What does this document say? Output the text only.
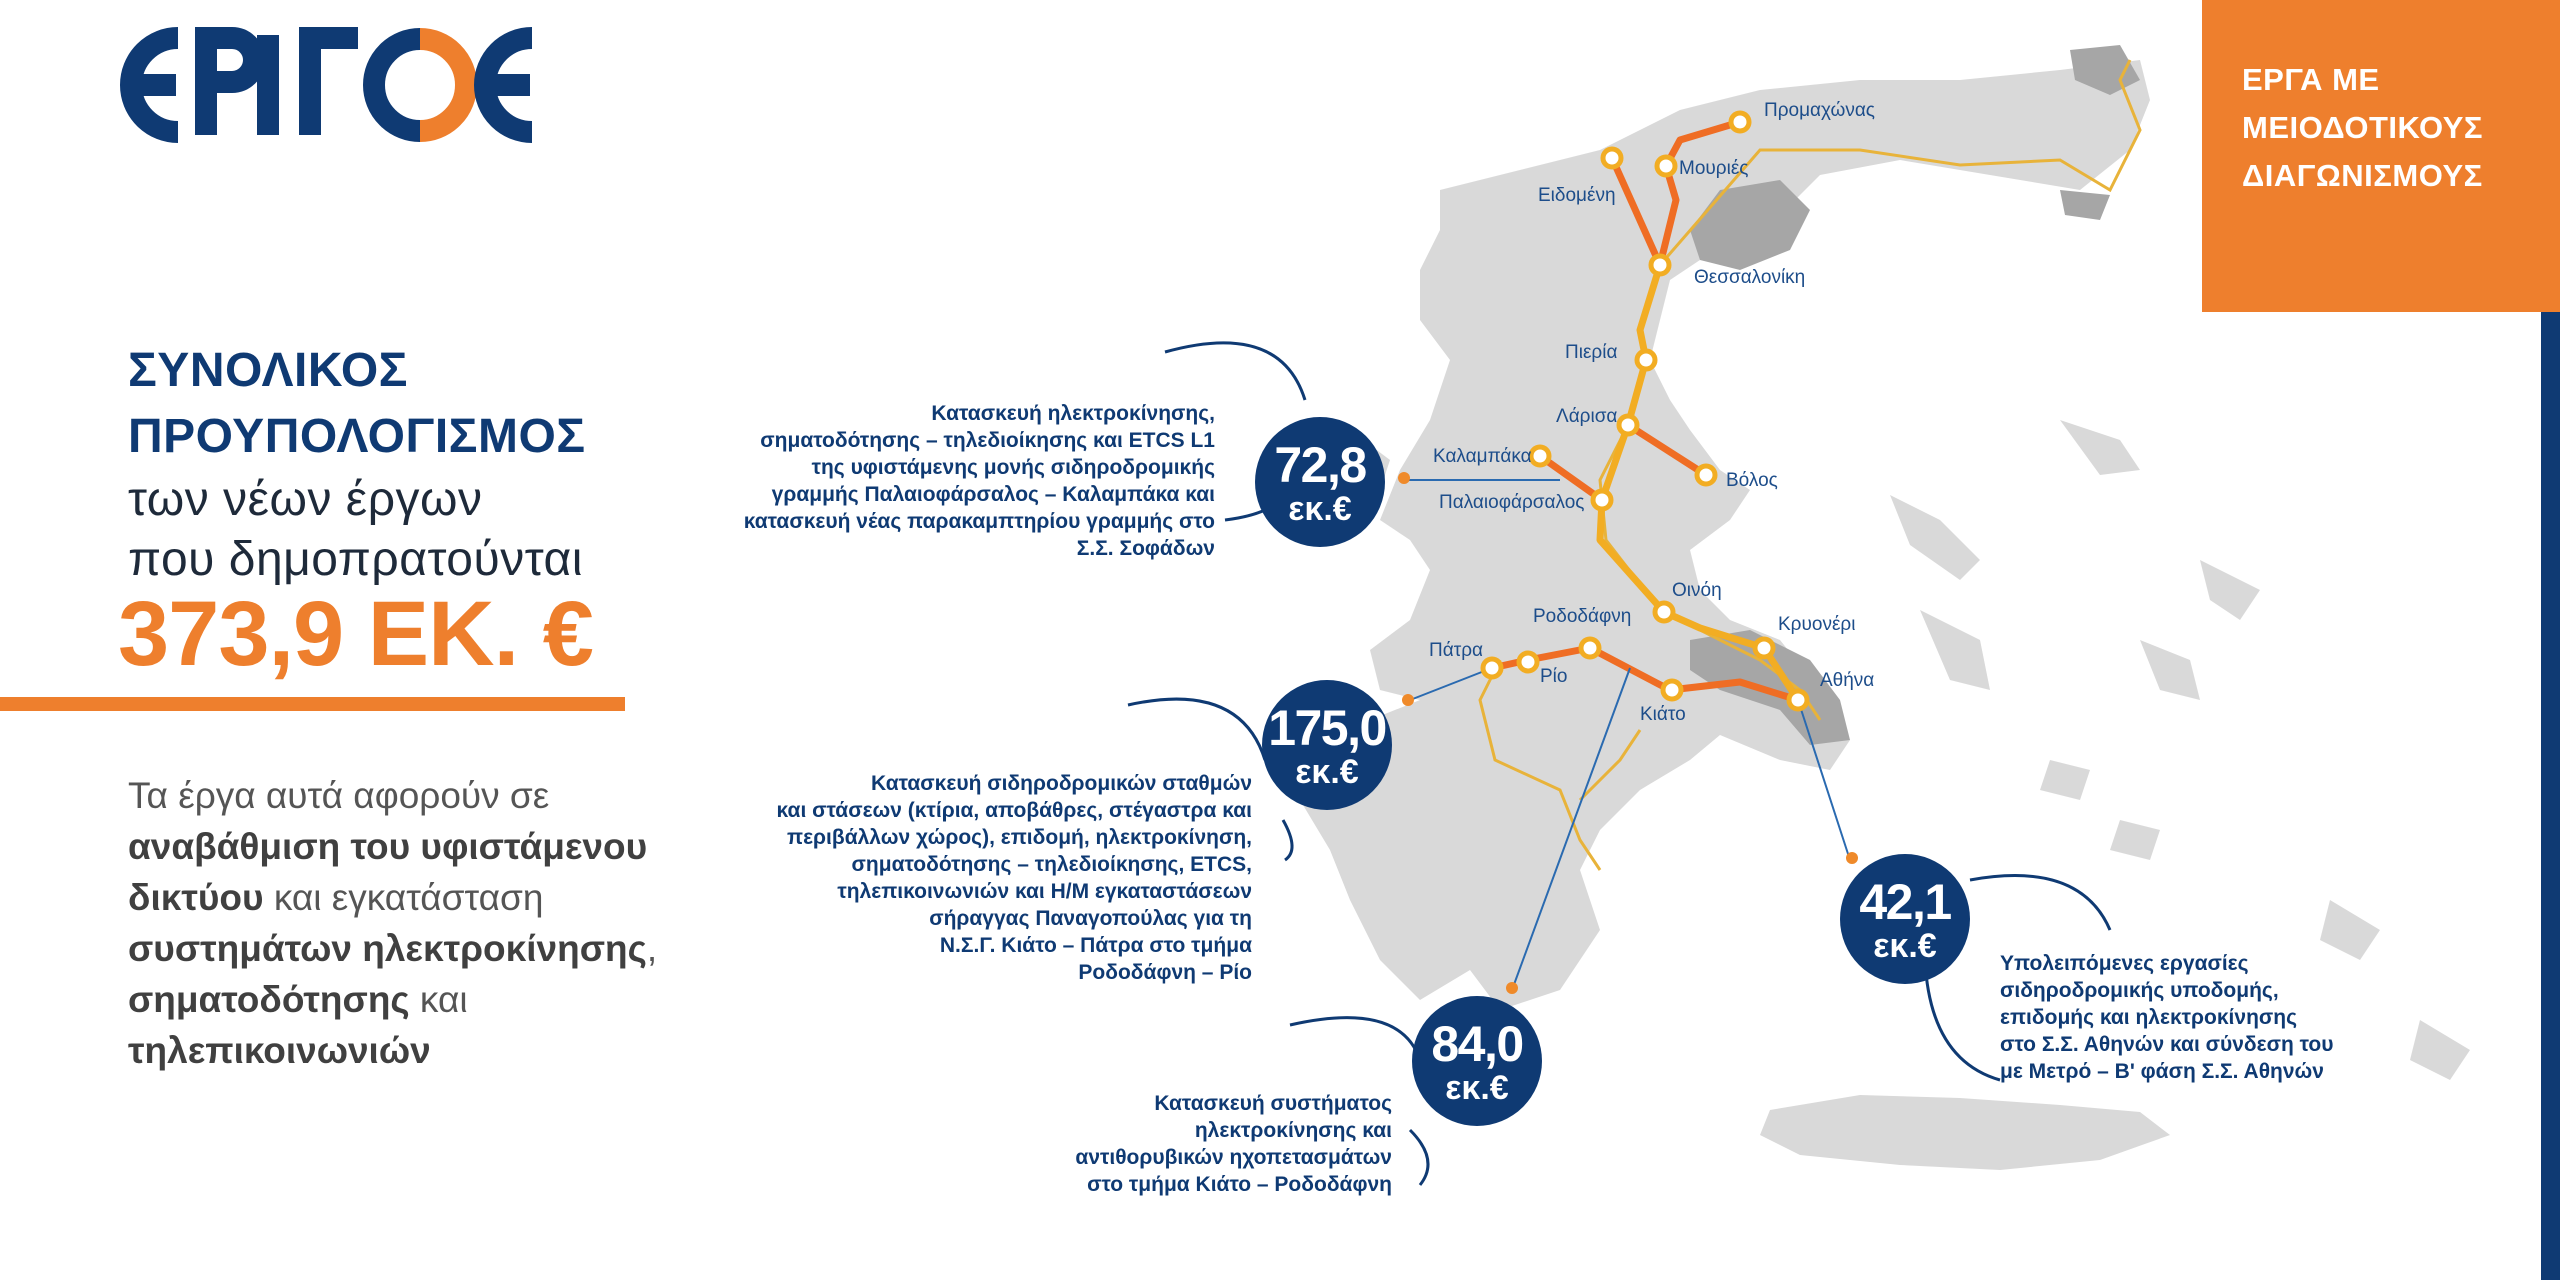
Προμαχώνας
Μουριές
Ειδομένη
Θεσσαλονίκη
Πιερία
Λάρισα
Καλαμπάκα
Βόλος
Παλαιοφάρσαλος
Οινόη
Ροδοδάφνη	Κρυονέρι
Πάτρα
Ρίο	Αθήνα
Κιάτο
ΣΥΝΟΛΙΚΟΣ
ΠΡΟΥΠΟΛΟΓΙΣΜΟΣ
των νέων έργων
που δημοπρατούνται
373,9 ΕΚ. €
Τα έργα αυτά αφορούν σε αναβάθμιση του υφιστάμενου δικτύου και εγκατάσταση συστημάτων ηλεκτροκίνησης, σηματοδότησης και τηλεπικοινωνιών
ΕΡΓΑ ΜΕ
ΜΕΙΟΔΟΤΙΚΟΥΣ
ΔΙΑΓΩΝΙΣΜΟΥΣ
72,8
εκ.€
Κατασκευή ηλεκτροκίνησης,
σηματοδότησης – τηλεδιοίκησης και ETCS L1
της υφιστάμενης μονής σιδηροδρομικής
γραμμής Παλαιοφάρσαλος – Καλαμπάκα και
κατασκευή νέας παρακαμπτηρίου γραμμής στο
Σ.Σ. Σοφάδων
175,0
εκ.€
Κατασκευή σιδηροδρομικών σταθμών
και στάσεων (κτίρια, αποβάθρες, στέγαστρα και
περιβάλλων χώρος), επιδομή, ηλεκτροκίνηση,
σηματοδότησης – τηλεδιοίκησης, ETCS,
τηλεπικοινωνιών και Η/Μ εγκαταστάσεων
σήραγγας Παναγοπούλας για τη
Ν.Σ.Γ. Κιάτο – Πάτρα στο τμήμα
Ροδοδάφνη – Ρίο
84,0
εκ.€
Κατασκευή συστήματος
ηλεκτροκίνησης και
αντιθορυβικών ηχοπετασμάτων
στο τμήμα Κιάτο – Ροδοδάφνη
42,1
εκ.€	Υπολειπόμενες εργασίες
σιδηροδρομικής υποδομής,
επιδομής και ηλεκτροκίνησης
στο Σ.Σ. Αθηνών και σύνδεση του
με Μετρό – Β' φάση Σ.Σ. Αθηνών
